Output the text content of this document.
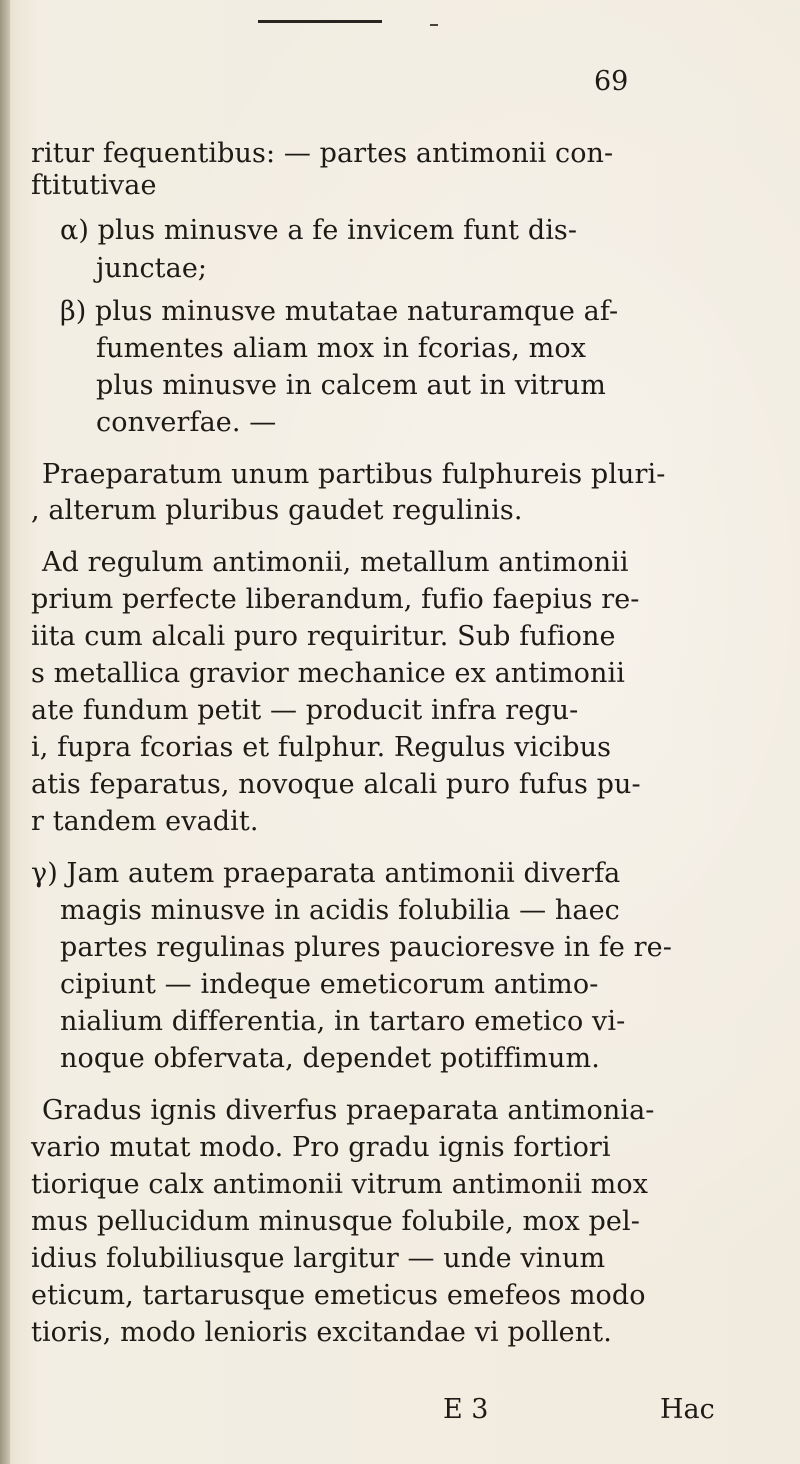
69
ritur fequentibus: — partes antimonii con-
ftitutivae
α) plus minusve a fe invicem funt dis-
junctae;
β) plus minusve mutatae naturamque af-
fumentes aliam mox in fcorias, mox
plus minusve in calcem aut in vitrum
converfae. —
Praeparatum unum partibus fulphureis pluri-
, alterum pluribus gaudet regulinis.
Ad regulum antimonii, metallum antimonii
prium perfecte liberandum, fufio faepius re-
iita cum alcali puro requiritur. Sub fufione
s metallica gravior mechanice ex antimonii
ate fundum petit — producit infra regu-
i, fupra fcorias et fulphur. Regulus vicibus
atis feparatus, novoque alcali puro fufus pu-
r tandem evadit.
γ) Jam autem praeparata antimonii diverfa
magis minusve in acidis folubilia — haec
partes regulinas plures paucioresve in fe re-
cipiunt — indeque emeticorum antimo-
nialium differentia, in tartaro emetico vi-
noque obfervata, dependet potiffimum.
Gradus ignis diverfus praeparata antimonia-
vario mutat modo. Pro gradu ignis fortiori
tiorique calx antimonii vitrum antimonii mox
mus pellucidum minusque folubile, mox pel-
idius folubiliusque largitur — unde vinum
eticum, tartarusque emeticus emefeos modo
tioris, modo lenioris excitandae vi pollent.
E 3	Hac
